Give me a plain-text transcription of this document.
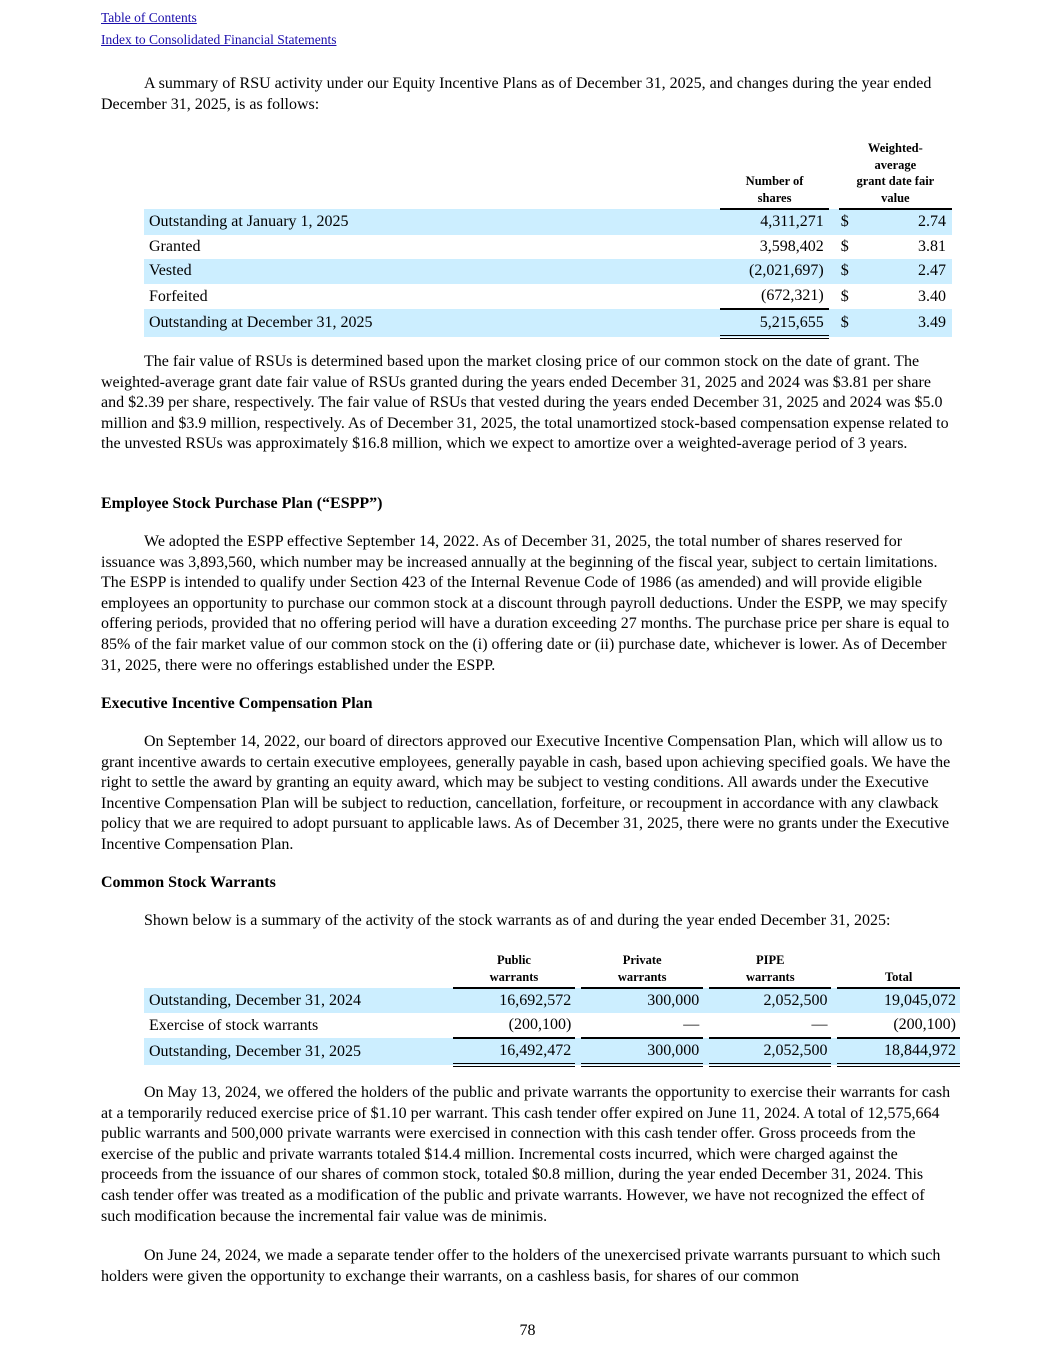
Table of Contents
Index to Consolidated Financial Statements

A summary of RSU activity under our Equity Incentive Plans as of December 31, 2025, and changes during the year ended December 31, 2025, is as follows:

	Number of
shares		Weighted-
average
grant date fair
value	
Outstanding at January 1, 2025	4,311,271		$	2.74
Granted	3,598,402		$	3.81
Vested	(2,021,697)		$	2.47
Forfeited	(672,321)		$	3.40
Outstanding at December 31, 2025	5,215,655		$	3.49

The fair value of RSUs is determined based upon the market closing price of our common stock on the date of grant. The weighted-average grant date fair value of RSUs granted during the years ended December 31, 2025 and 2024 was $3.81 per share and $2.39 per share, respectively. The fair value of RSUs that vested during the years ended December 31, 2025 and 2024 was $5.0 million and $3.9 million, respectively. As of December 31, 2025, the total unamortized stock-based compensation expense related to the unvested RSUs was approximately $16.8 million, which we expect to amortize over a weighted-average period of 3 years.

Employee Stock Purchase Plan (“ESPP”)

We adopted the ESPP effective September 14, 2022. As of December 31, 2025, the total number of shares reserved for issuance was 3,893,560, which number may be increased annually at the beginning of the fiscal year, subject to certain limitations. The ESPP is intended to qualify under Section 423 of the Internal Revenue Code of 1986 (as amended) and will provide eligible employees an opportunity to purchase our common stock at a discount through payroll deductions. Under the ESPP, we may specify offering periods, provided that no offering period will have a duration exceeding 27 months. The purchase price per share is equal to 85% of the fair market value of our common stock on the (i) offering date or (ii) purchase date, whichever is lower. As of December 31, 2025, there were no offerings established under the ESPP.

Executive Incentive Compensation Plan

On September 14, 2022, our board of directors approved our Executive Incentive Compensation Plan, which will allow us to grant incentive awards to certain executive employees, generally payable in cash, based upon achieving specified goals. We have the right to settle the award by granting an equity award, which may be subject to vesting conditions. All awards under the Executive Incentive Compensation Plan will be subject to reduction, cancellation, forfeiture, or recoupment in accordance with any clawback policy that we are required to adopt pursuant to applicable laws. As of December 31, 2025, there were no grants under the Executive Incentive Compensation Plan.

Common Stock Warrants

Shown below is a summary of the activity of the stock warrants as of and during the year ended December 31, 2025:

	Public
warrants		Private
warrants		PIPE
warrants		Total
Outstanding, December 31, 2024	16,692,572		300,000		2,052,500		19,045,072
Exercise of stock warrants	(200,100)		—		—		(200,100)
Outstanding, December 31, 2025	16,492,472		300,000		2,052,500		18,844,972

On May 13, 2024, we offered the holders of the public and private warrants the opportunity to exercise their warrants for cash at a temporarily reduced exercise price of $1.10 per warrant. This cash tender offer expired on June 11, 2024. A total of 12,575,664 public warrants and 500,000 private warrants were exercised in connection with this cash tender offer. Gross proceeds from the exercise of the public and private warrants totaled $14.4 million. Incremental costs incurred, which were charged against the proceeds from the issuance of our shares of common stock, totaled $0.8 million, during the year ended December 31, 2024. This cash tender offer was treated as a modification of the public and private warrants. However, we have not recognized the effect of such modification because the incremental fair value was de minimis.

On June 24, 2024, we made a separate tender offer to the holders of the unexercised private warrants pursuant to which such holders were given the opportunity to exchange their warrants, on a cashless basis, for shares of our common

78
